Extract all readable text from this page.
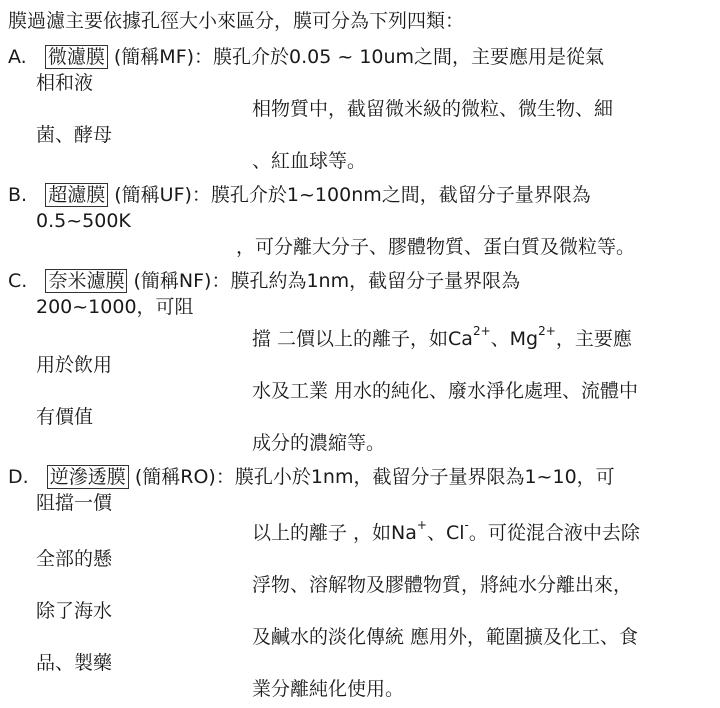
膜過濾主要依據孔徑大小來區分，膜可分為下列四類：
A. 微濾膜 (簡稱MF)：膜孔介於0.05 ~ 10um之間，主要應用是從氣
相和液
相物質中，截留微米級的微粒、微生物、細
菌、酵母
、紅血球等。
B. 超濾膜 (簡稱UF)：膜孔介於1~100nm之間，截留分子量界限為
0.5~500K
，可分離大分子、膠體物質、蛋白質及微粒等。
C. 奈米濾膜 (簡稱NF)：膜孔約為1nm，截留分子量界限為
200~1000，可阻
擋 二價以上的離子，如$Ca^{2+}$、$Mg^{2+}$，主要應
用於飲用
水及工業 用水的純化、廢水淨化處理、流體中
有價值
成分的濃縮等。
D. 逆滲透膜 (簡稱RO)：膜孔小於1nm，截留分子量界限為1~10，可
阻擋一價
以上的離子 ，如Na+、Cl-。可從混合液中去除
全部的懸
浮物、溶解物及膠體物質，將純水分離出來，
除了海水
及鹹水的淡化傳統 應用外，範圍擴及化工、食
品、製藥
業分離純化使用。
